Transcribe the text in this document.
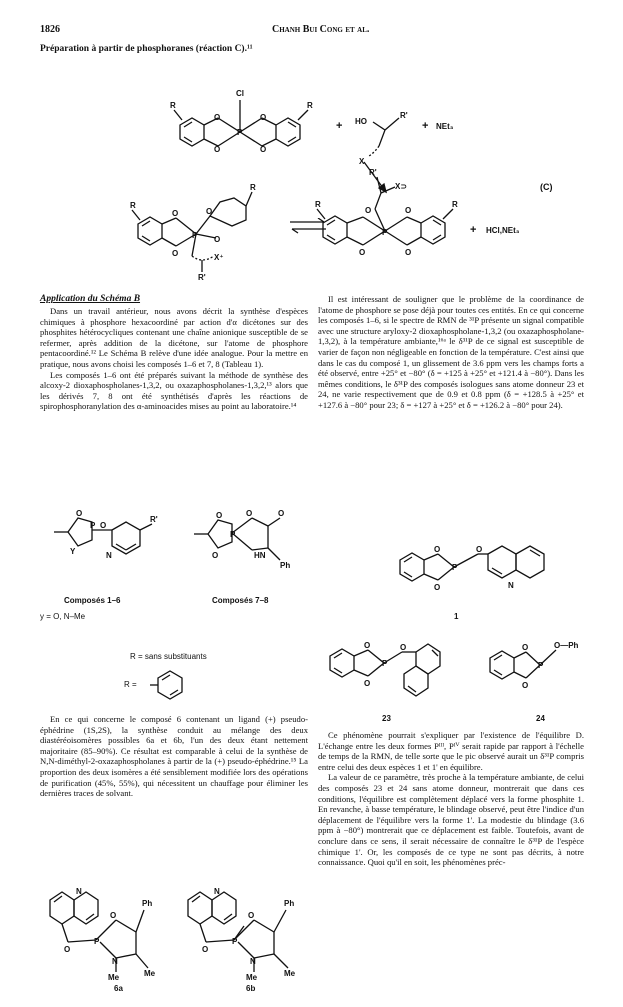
1826	Chanh Bui Cong et al.
Préparation à partir de phosphoranes (réaction C).¹¹
Cl
R	R
O
O
O
O
P
+ HO
R'
X
+ NEt₃
(C)
R
R
O
O
O
O
P
X⁺
R'
R	R
O
O
O
O
P
R'
X⊃
+ HCl,NEt₃
Application du Schéma B

Dans un travail antérieur, nous avons décrit la synthèse d'espèces chimiques à phosphore hexacoordiné par action d'α dicétones sur des phosphites hétérocycliques contenant une chaîne anionique susceptible de se refermer, après addition de la dicétone, sur l'atome de phosphore pentacoordiné.¹² Le Schéma B relève d'une idée analogue. Pour la mettre en pratique, nous avons choisi les composés 1–6 et 7, 8 (Tableau 1).

Les composés 1–6 ont été préparés suivant la méthode de synthèse des alcoxy-2 dioxaphospholanes-1,3,2, ou oxazaphospholanes-1,3,2,¹³ alors que les dérivés 7, 8 ont été synthétisés d'après les réactions de spirophosphoranylation des α-aminoacides mises au point au laboratoire.¹⁴

Il est intéressant de souligner que le problème de la coordinance de l'atome de phosphore se pose déjà pour toutes ces entités. En ce qui concerne les composés 1–6, si le spectre de RMN de ³¹P présente un signal compatible avec une structure aryloxy-2 dioxaphospholane-1,3,2 (ou oxazaphospholane-1,3,2), à la température ambiante,¹⁶ᵃ le δ³¹P de ce signal est susceptible de varier de façon non négligeable en fonction de la température. C'est ainsi que dans le cas du composé 1, un glissement de 3.6 ppm vers les champs forts a été observé, entre +25° et −80° (δ = +125 à +25° et +121.4 à −80°). Dans les mêmes conditions, le δ³¹P des composés isologues sans atome donneur 23 et 24, ne varie respectivement que de 0.9 et 0.8 ppm (δ = +128.5 à +25° et +127.6 à −80° pour 23; δ = +127 à +25° et δ = +126.2 à −80° pour 24).

O
Y
P O
N
R'
Composés 1–6
y = O, N–Me
O
O
P
O	O
HN
Ph
Composés 7–8
R = sans substituants
R =

En ce qui concerne le composé 6 contenant un ligand (+) pseudo-éphédrine (1S,2S), la synthèse conduit au mélange des deux diastéréoisomères possibles 6a et 6b, l'un des deux étant nettement majoritaire (85–90%). Ce résultat est comparable à celui de la synthèse de N,N-diméthyl-2-oxazaphospholanes à partir de la (+) pseudo-éphédrine.¹⁵ La proportion des deux isomères a été sensiblement modifiée lors des opérations de purification (45%, 55%), qui nécessitent un chauffage pour éliminer les dernières traces de solvant.

N
O
P
O
N
Ph
Me	Me
6a
N
O
P
O
N
Ph
Me	Me
6b
O
O
P
O
N
1
O
O
P
O
23
O
O
P
O—Ph
24

Ce phénomène pourrait s'expliquer par l'existence de l'équilibre D. L'échange entre les deux formes Pᴵᴵᴵ, Pᴵⱽ serait rapide par rapport à l'échelle de temps de la RMN, de telle sorte que le pic observé aurait un δ³¹P compris entre celui des deux espèces 1 et 1' en équilibre.

La valeur de ce paramètre, très proche à la température ambiante, de celui des composés 23 et 24 sans atome donneur, montrerait que dans ces conditions, l'équilibre est complètement déplacé vers la forme phosphite 1. En revanche, à basse température, le blindage observé, peut être l'indice d'un déplacement de l'équilibre vers la forme 1'. La modestie du blindage (3.6 ppm à −80°) montrerait que ce déplacement est faible. Toutefois, avant de conclure dans ce sens, il serait nécessaire de connaître le δ³¹P de l'espèce chimique 1'. Or, les composés de ce type ne sont pas décrits, à notre connaissance. Quoi qu'il en soit, les phénomènes préc-
